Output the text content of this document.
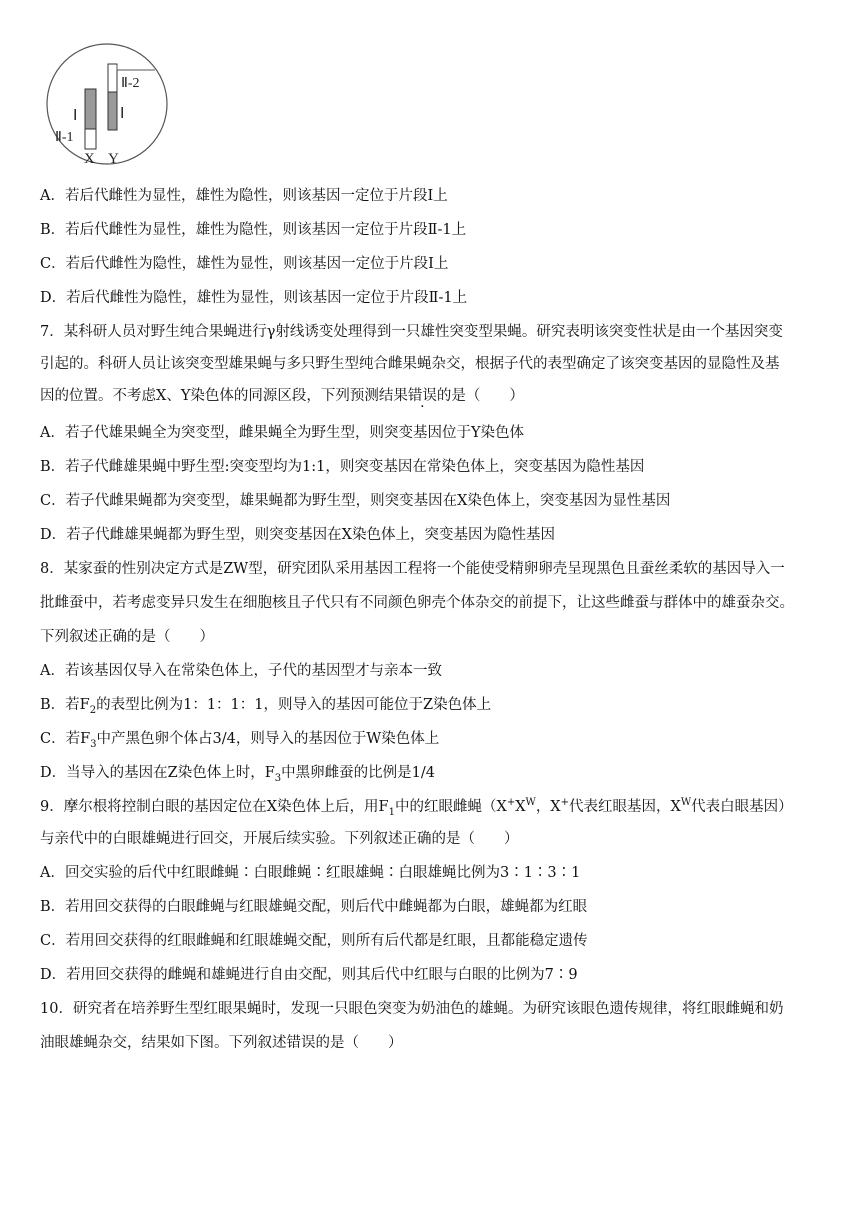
Ⅰ
Ⅱ-1
Ⅰ
Ⅱ-2
X Y
A．若后代雌性为显性，雄性为隐性，则该基因一定位于片段Ⅰ上
B．若后代雌性为显性，雄性为隐性，则该基因一定位于片段Ⅱ-1上
C．若后代雌性为隐性，雄性为显性，则该基因一定位于片段Ⅰ上
D．若后代雌性为隐性，雄性为显性，则该基因一定位于片段Ⅱ-1上
7．某科研人员对野生纯合果蝇进行γ射线诱变处理得到一只雄性突变型果蝇。研究表明该突变性状是由一个基因突变
引起的。科研人员让该突变型雄果蝇与多只野生型纯合雌果蝇杂交，根据子代的表型确定了该突变基因的显隐性及基
因的位置。不考虑X、Y染色体的同源区段，下列预测结果错误的是（　　）
A．若子代雄果蝇全为突变型，雌果蝇全为野生型，则突变基因位于Y染色体
B．若子代雌雄果蝇中野生型:突变型均为1:1，则突变基因在常染色体上，突变基因为隐性基因
C．若子代雌果蝇都为突变型，雄果蝇都为野生型，则突变基因在X染色体上，突变基因为显性基因
D．若子代雌雄果蝇都为野生型，则突变基因在X染色体上，突变基因为隐性基因
8．某家蚕的性别决定方式是ZW型，研究团队采用基因工程将一个能使受精卵卵壳呈现黑色且蚕丝柔软的基因导入一
批雌蚕中，若考虑变异只发生在细胞核且子代只有不同颜色卵壳个体杂交的前提下，让这些雌蚕与群体中的雄蚕杂交。
下列叙述正确的是（　　）
A．若该基因仅导入在常染色体上，子代的基因型才与亲本一致
B．若$F_2$的表型比例为1：1：1：1，则导入的基因可能位于Z染色体上
C．若$F_3$中产黑色卵个体占3/4，则导入的基因位于W染色体上
D．当导入的基因在Z染色体上时，$F_3$中黑卵雌蚕的比例是1/4
9．摩尔根将控制白眼的基因定位在X染色体上后，用$F_1$中的红眼雌蝇（$X^+X^W$，X+代表红眼基因，$X^W$代表白眼基因）
与亲代中的白眼雄蝇进行回交，开展后续实验。下列叙述正确的是（　　）
A．回交实验的后代中红眼雌蝇∶白眼雌蝇∶红眼雄蝇∶白眼雄蝇比例为3∶1∶3∶1
B．若用回交获得的白眼雌蝇与红眼雄蝇交配，则后代中雌蝇都为白眼，雄蝇都为红眼
C．若用回交获得的红眼雌蝇和红眼雄蝇交配，则所有后代都是红眼，且都能稳定遗传
D．若用回交获得的雌蝇和雄蝇进行自由交配，则其后代中红眼与白眼的比例为7∶9
10．研究者在培养野生型红眼果蝇时，发现一只眼色突变为奶油色的雄蝇。为研究该眼色遗传规律，将红眼雌蝇和奶
油眼雄蝇杂交，结果如下图。下列叙述错误的是（　　）
